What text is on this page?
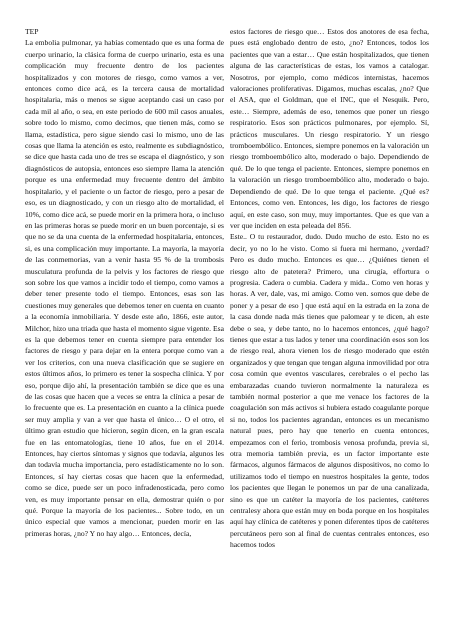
TEP

La embolia pulmonar, ya habías comentado que es una forma de cuerpo urinario, la clásica forma de cuerpo urinario, esta es una complicación muy frecuente dentro de los pacientes hospitalizados y con motores de riesgo, como vamos a ver, entonces como dice acá, es la tercera causa de mortalidad hospitalaria, más o menos se sigue aceptando casi un caso por cada mil al año, o sea, en este periodo de 600 mil casos anuales, sobre todo lo mismo, como decimos, que tienen más, como se llama, estadística, pero sigue siendo casi lo mismo, uno de las cosas que llama la atención es esto, realmente es subdiagnóstico, se dice que hasta cada uno de tres se escapa el diagnóstico, y son diagnósticos de autopsia, entonces eso siempre llama la atención porque es una enfermedad muy frecuente dentro del ámbito hospitalario, y el paciente o un factor de riesgo, pero a pesar de eso, es un diagnosticado, y con un riesgo alto de mortalidad, el 10%, como dice acá, se puede morir en la primera hora, o incluso en las primeras horas se puede morir en un buen porcentaje, si es que no se da una cuenta de la enfermedad hospitalaria, entonces, si, es una complicación muy importante. La mayoría, la mayoría de las conmemorias, van a venir hasta 95 % de la trombosis musculatura profunda de la pelvis y los factores de riesgo que son sobre los que vamos a incidir todo el tiempo, como vamos a deber tener presente todo el tiempo. Entonces, esas son las cuestiones muy generales que debemos tener en cuenta en cuanto a la economía inmobiliaria. Y desde este año, 1866, este autor, Milchor, hizo una triada que hasta el momento sigue vigente. Esa es la que debemos tener en cuenta siempre para entender los factores de riesgo y para dejar en la entera porque como van a ver los criterios, con una nueva clasificación que se sugiere en estos últimos años, lo primero es tener la sospecha clínica. Y por eso, porque dijo ahí, la presentación también se dice que es una de las cosas que hacen que a veces se entra la clínica a pesar de lo frecuente que es. La presentación en cuanto a la clínica puede ser muy amplia y van a ver que hasta el único… O el otro, el último gran estudio que hicieron, según dicen, en la gran escala fue en las entomatologías, tiene 10 años, fue en el 2014. Entonces, hay ciertos síntomas y signos que todavía, algunos les dan todavía mucha importancia, pero estadísticamente no lo son. Entonces, sí hay ciertas cosas que hacen que la enfermedad, como se dice, puede ser un poco infradenosticada, pero como ven, es muy importante pensar en ella, demostrar quién o por qué. Porque la mayoría de los pacientes... Sobre todo, en un único especial que vamos a mencionar, pueden morir en las primeras horas, ¿no? Y no hay algo… Entonces, decía,

estos factores de riesgo que… Estos dos anotores de esa fecha, pues está englobado dentro de esto, ¿no? Entonces, todos los pacientes que van a estar… Que están hospitalizados, que tienen alguna de las características de estas, los vamos a catalogar. Nosotros, por ejemplo, como médicos internistas, hacemos valoraciones proliferativas. Digamos, muchas escalas, ¿no? Que el ASA, que el Goldman, que el INC, que el Nesquik. Pero, este… Siempre, además de eso, tenemos que poner un riesgo respiratorio. Esos son prácticos pulmonares, por ejemplo. Sí, prácticos musculares. Un riesgo respiratorio. Y un riesgo tromboembólico. Entonces, siempre ponemos en la valoración un riesgo tromboembólico alto, moderado o bajo. Dependiendo de qué. De lo que tenga el paciente. Entonces, siempre ponemos en la valoración un riesgo tromboembólico alto, moderado o bajo. Dependiendo de qué. De lo que tenga el paciente. ¿Qué es? Entonces, como ven. Entonces, les digo, los factores de riesgo aquí, en este caso, son muy, muy importantes. Que es que van a ver que inciden en esta peleada del 856.
Este.. O tu restaurador, dudo. Dudo mucho de esto. Esto no es decir, yo no lo he visto. Como si fuera mi hermano, ¿verdad? Pero es dudo mucho. Entonces es que… ¿Quiénes tienen el riesgo alto de patetera? Primero, una cirugía, effortura o progresia. Cadera o cumbia. Cadera y mida.. Como ven horas y horas. A ver, dale, vas, mi amigo. Como ven. somos que debe de poner y a pesar de eso ] que está aquí en la estrada en la zona de la casa donde nada más tienes que palomear y te dicen, ah este debe o sea, y debe tanto, no lo hacemos entonces, ¿qué hago? tienes que estar a tus lados y tener una coordinación esos son los de riesgo real, ahora vienen los de riesgo moderado que estén organizados y que tengan que tengan alguna inmovilidad por otra cosa común que eventos vasculares, cerebrales o el pecho las embarazadas cuando tuvieron normalmente la naturaleza es también normal posterior a que me venace los factores de la coagulación son más activos si hubiera estado coagulante porque si no, todos los pacientes agrandan, entonces es un mecanismo natural pues, pero hay que tenerlo en cuenta entonces, empezamos con el ferio, trombosis venosa profunda, previa si, otra memoria también previa, es un factor importante este fármacos, algunos fármacos de algunos dispositivos, no como lo utilizamos todo el tiempo en nuestros hospitales la gente, todos los pacientes que llegan le ponemos un par de una canalizada, sino es que un catéter la mayoría de los pacientes, catéteres centralesy ahora que están muy en boda porque en los hospitales aquí hay clínica de catéteres y ponen diferentes tipos de catéteres percutáneos pero son al final de cuentas centrales entonces, eso hacemos todos
